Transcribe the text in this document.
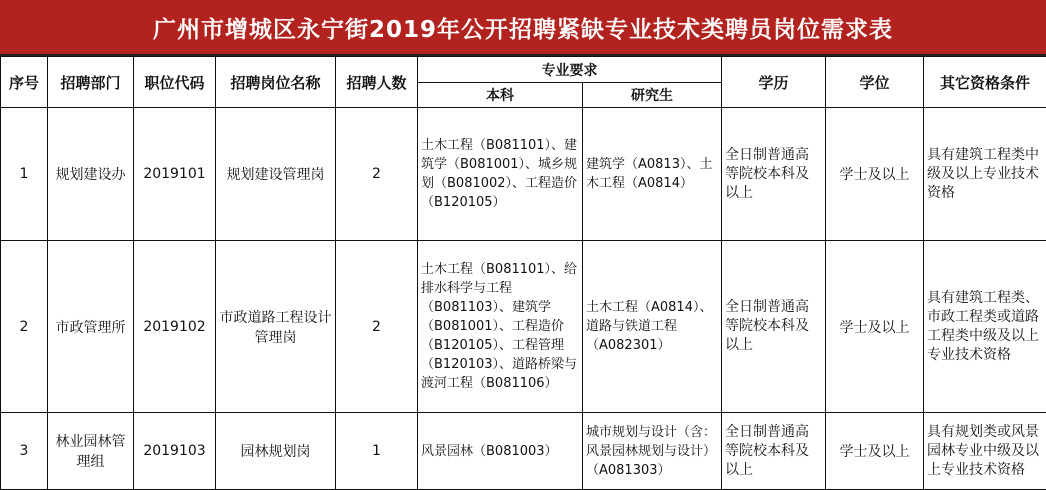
广州市增城区永宁街2019年公开招聘紧缺专业技术类聘员岗位需求表
序号	招聘部门	职位代码	招聘岗位名称	招聘人数	专业要求		学历	学位	其它资格条件
					本科	研究生			
1	规划建设办	2019101	规划建设管理岗	2	土木工程（B081101）、建筑学（B081001）、城乡规划（B081002）、工程造价（B120105）	建筑学（A0813）、土木工程（A0814）	全日制普通高等院校本科及以上	学士及以上	具有建筑工程类中级及以上专业技术资格
2	市政管理所	2019102	市政道路工程设计管理岗	2	土木工程（B081101）、给排水科学与工程（B081103）、建筑学（B081001）、工程造价（B120105）、工程管理（B120103）、道路桥梁与渡河工程（B081106）	土木工程（A0814）、道路与铁道工程（A082301）	全日制普通高等院校本科及以上	学士及以上	具有建筑工程类、市政工程类或道路工程类中级及以上专业技术资格
3	林业园林管理组	2019103	园林规划岗	1	风景园林（B081003）	城市规划与设计（含：风景园林规划与设计）（A081303）	全日制普通高等院校本科及以上	学士及以上	具有规划类或风景园林专业中级及以上专业技术资格
